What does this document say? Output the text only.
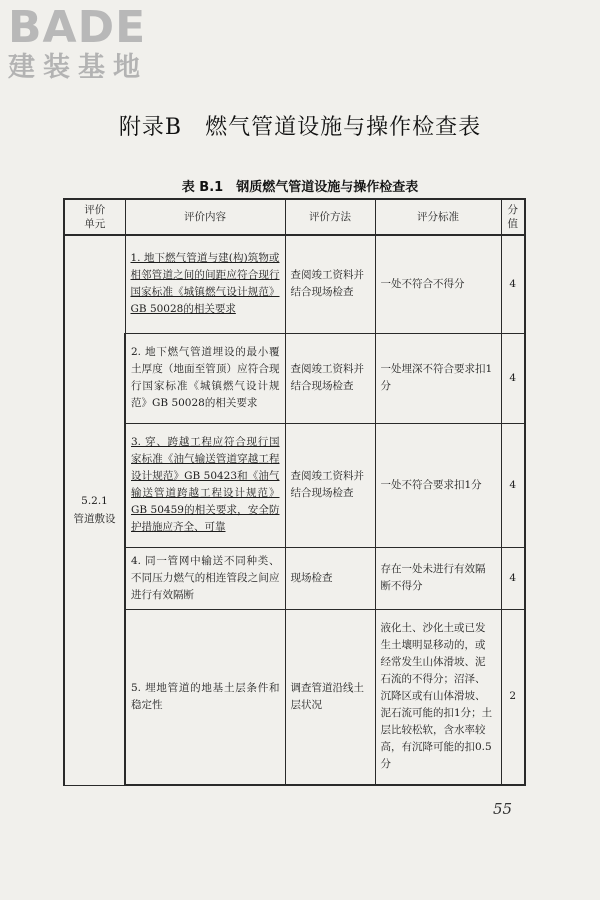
BADE
建装基地
附录B　燃气管道设施与操作检查表
表 B.1　钢质燃气管道设施与操作检查表
评价
单元	评价内容	评价方法	评分标准	分
值
5.2.1
管道敷设	1. 地下燃气管道与建(构)筑物或相邻管道之间的间距应符合现行国家标准《城镇燃气设计规范》GB 50028的相关要求	查阅竣工资料并结合现场检查	一处不符合不得分	4
	2. 地下燃气管道埋设的最小覆土厚度（地面至管顶）应符合现行国家标准《城镇燃气设计规范》GB 50028的相关要求	查阅竣工资料并结合现场检查	一处埋深不符合要求扣1分	4
	3. 穿、跨越工程应符合现行国家标准《油气输送管道穿越工程设计规范》GB 50423和《油气输送管道跨越工程设计规范》GB 50459的相关要求，安全防护措施应齐全、可靠	查阅竣工资料并结合现场检查	一处不符合要求扣1分	4
	4. 同一管网中输送不同种类、不同压力燃气的相连管段之间应进行有效隔断	现场检查	存在一处未进行有效隔断不得分	4
	5. 埋地管道的地基土层条件和稳定性	调查管道沿线土层状况	液化土、沙化土或已发生土壤明显移动的，或经常发生山体滑坡、泥石流的不得分；沼泽、沉降区或有山体滑坡、泥石流可能的扣1分；土层比较松软，含水率较高，有沉降可能的扣0.5分	2
55
